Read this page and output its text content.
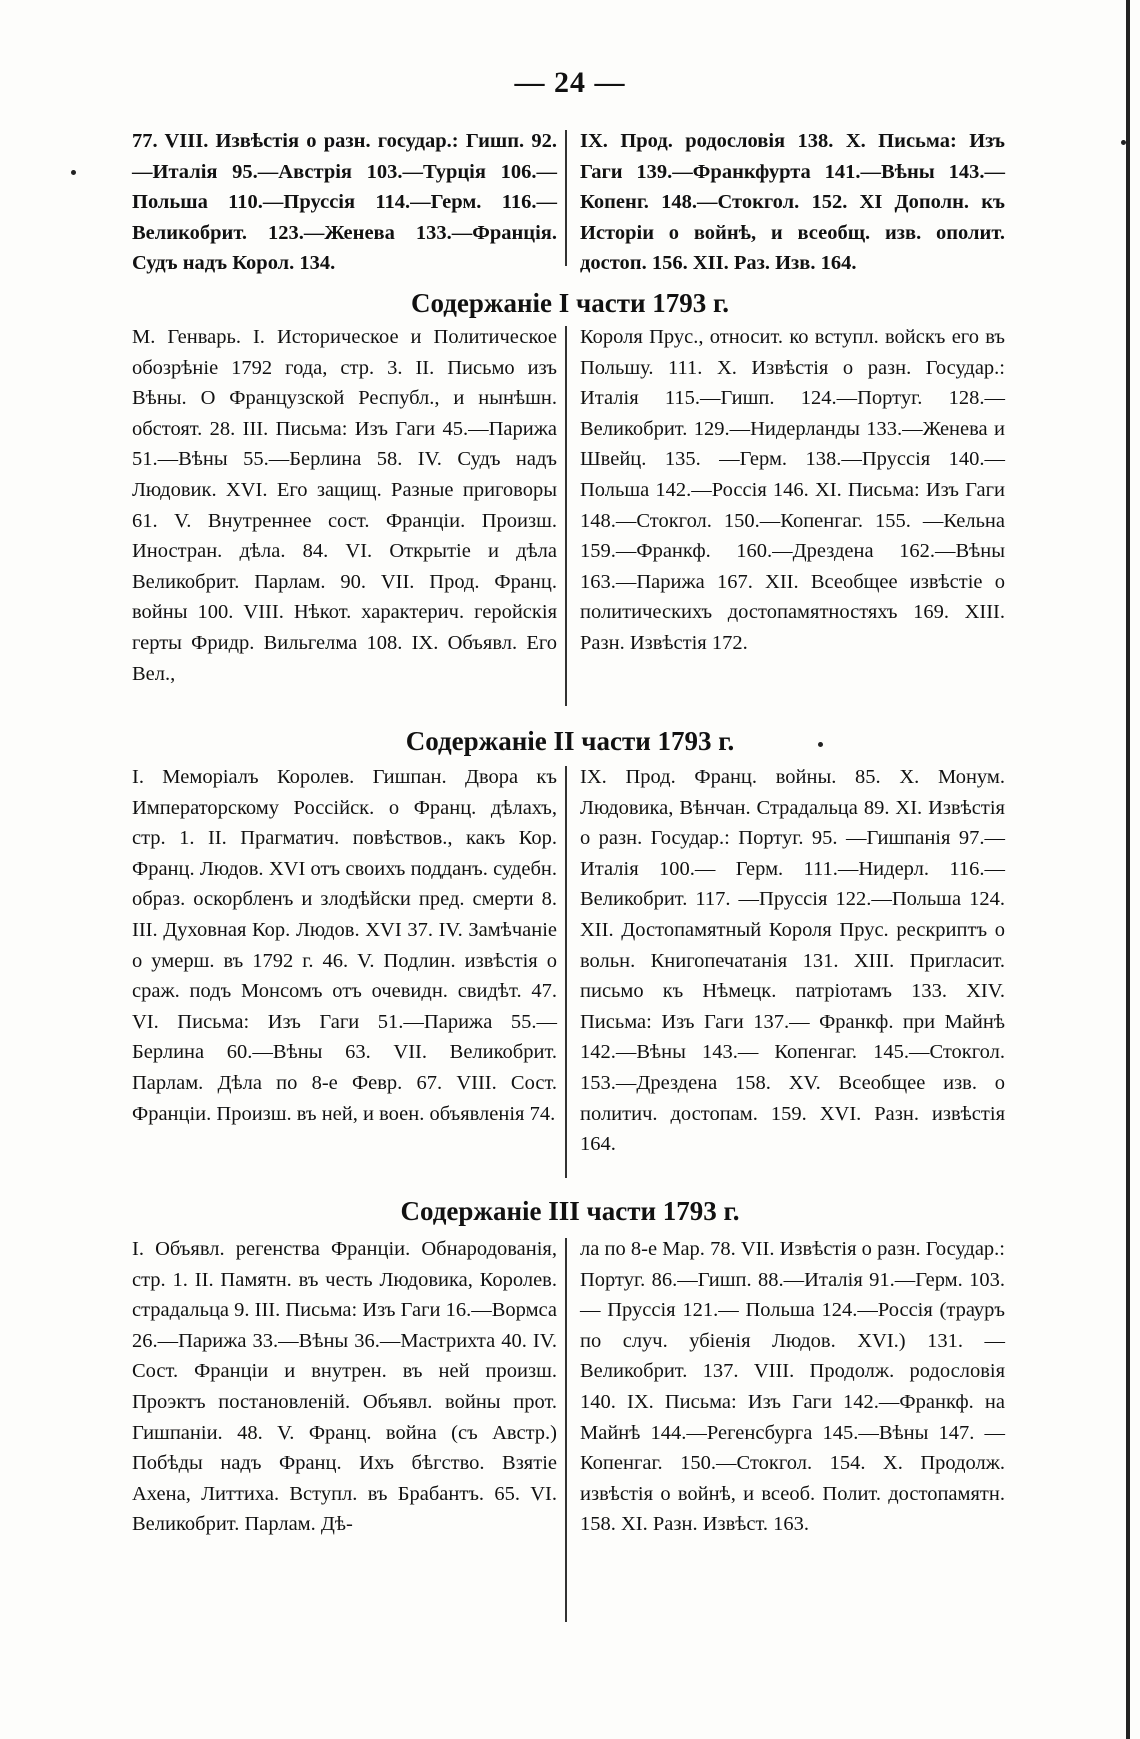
— 24 —
77. VIII. Извѣстія о разн. государ.: Гишп. 92.—Италія 95.—Австрія 103.—Турція 106.—Польша 110.—Пруссія 114.—Герм. 116.—Великобрит. 123.—Женева 133.—Франція. Судъ надъ Корол. 134.
IX. Прод. родословія 138. X. Письма: Изъ Гаги 139.—Франкфурта 141.—Вѣны 143.—Копенг. 148.—Стокгол. 152. XI Дополн. къ Исторіи о войнѣ, и всеобщ. изв. ополит. достоп. 156. XII. Раз. Изв. 164.
Содержаніе I части 1793 г.
М. Генварь. I. Историческое и Политическое обозрѣніе 1792 года, стр. 3. II. Письмо изъ Вѣны. О Французской Республ., и нынѣшн. обстоят. 28. III. Письма: Изъ Гаги 45.—Парижа 51.—Вѣны 55.—Берлина 58. IV. Судъ надъ Людовик. XVI. Его защищ. Разные приговоры 61. V. Внутреннее сост. Франціи. Произш. Иностран. дѣла. 84. VI. Открытіе и дѣла Великобрит. Парлам. 90. VII. Прод. Франц. войны 100. VIII. Нѣкот. характерич. геройскія герты Фридр. Вильгелма 108. IX. Объявл. Его Вел.,
Короля Прус., относит. ко вступл. войскъ его въ Польшу. 111. X. Извѣстія о разн. Государ.: Италія 115.—Гишп. 124.—Португ. 128.—Великобрит. 129.—Нидерланды 133.—Женева и Швейц. 135. —Герм. 138.—Пруссія 140.—Польша 142.—Россія 146. XI. Письма: Изъ Гаги 148.—Стокгол. 150.—Копенгаг. 155. —Кельна 159.—Франкф. 160.—Дрездена 162.—Вѣны 163.—Парижа 167. XII. Всеобщее извѣстіе о политическихъ достопамятностяхъ 169. XIII. Разн. Извѣстія 172.
Содержаніе II части 1793 г.
I. Меморіалъ Королев. Гишпан. Двора къ Императорскому Россійск. о Франц. дѣлахъ, стр. 1. II. Прагматич. повѣствов., какъ Кор. Франц. Людов. XVI отъ своихъ подданъ. судебн. образ. оскорбленъ и злодѣйски пред. смерти 8. III. Духовная Кор. Людов. XVI 37. IV. Замѣчаніе о умерш. въ 1792 г. 46. V. Подлин. извѣстія о сраж. подъ Монсомъ отъ очевидн. свидѣт. 47. VI. Письма: Изъ Гаги 51.—Парижа 55.—Берлина 60.—Вѣны 63. VII. Великобрит. Парлам. Дѣла по 8-е Февр. 67. VIII. Сост. Франціи. Произш. въ ней, и воен. объявленія 74.
IX. Прод. Франц. войны. 85. X. Монум. Людовика, Вѣнчан. Страдальца 89. XI. Извѣстія о разн. Государ.: Португ. 95. —Гишпанія 97.— Италія 100.— Герм. 111.—Нидерл. 116.—Великобрит. 117. —Пруссія 122.—Польша 124. XII. Достопамятный Короля Прус. рескриптъ о вольн. Книгопечатанія 131. XIII. Пригласит. письмо къ Нѣмецк. патріотамъ 133. XIV. Письма: Изъ Гаги 137.— Франкф. при Майнѣ 142.—Вѣны 143.— Копенгаг. 145.—Стокгол. 153.—Дрездена 158. XV. Всеобщее изв. о политич. достопам. 159. XVI. Разн. извѣстія 164.
Содержаніе III части 1793 г.
I. Объявл. регенства Франціи. Обнародованія, стр. 1. II. Памятн. въ честь Людовика, Королев. страдальца 9. III. Письма: Изъ Гаги 16.—Вормса 26.—Парижа 33.—Вѣны 36.—Мастрихта 40. IV. Сост. Франціи и внутрен. въ ней произш. Проэктъ постановленій. Объявл. войны прот. Гишпаніи. 48. V. Франц. война (съ Австр.) Побѣды надъ Франц. Ихъ бѣгство. Взятіе Ахена, Литтиха. Вступл. въ Брабантъ. 65. VI. Великобрит. Парлам. Дѣ-
ла по 8-е Мар. 78. VII. Извѣстія о разн. Государ.: Португ. 86.—Гишп. 88.—Италія 91.—Герм. 103.— Пруссія 121.— Польша 124.—Россія (трауръ по случ. убіенія Людов. XVI.) 131. — Великобрит. 137. VIII. Продолж. родословія 140. IX. Письма: Изъ Гаги 142.—Франкф. на Майнѣ 144.—Регенсбурга 145.—Вѣны 147. —Копенгаг. 150.—Стокгол. 154. X. Продолж. извѣстія о войнѣ, и всеоб. Полит. достопамятн. 158. XI. Разн. Извѣст. 163.
